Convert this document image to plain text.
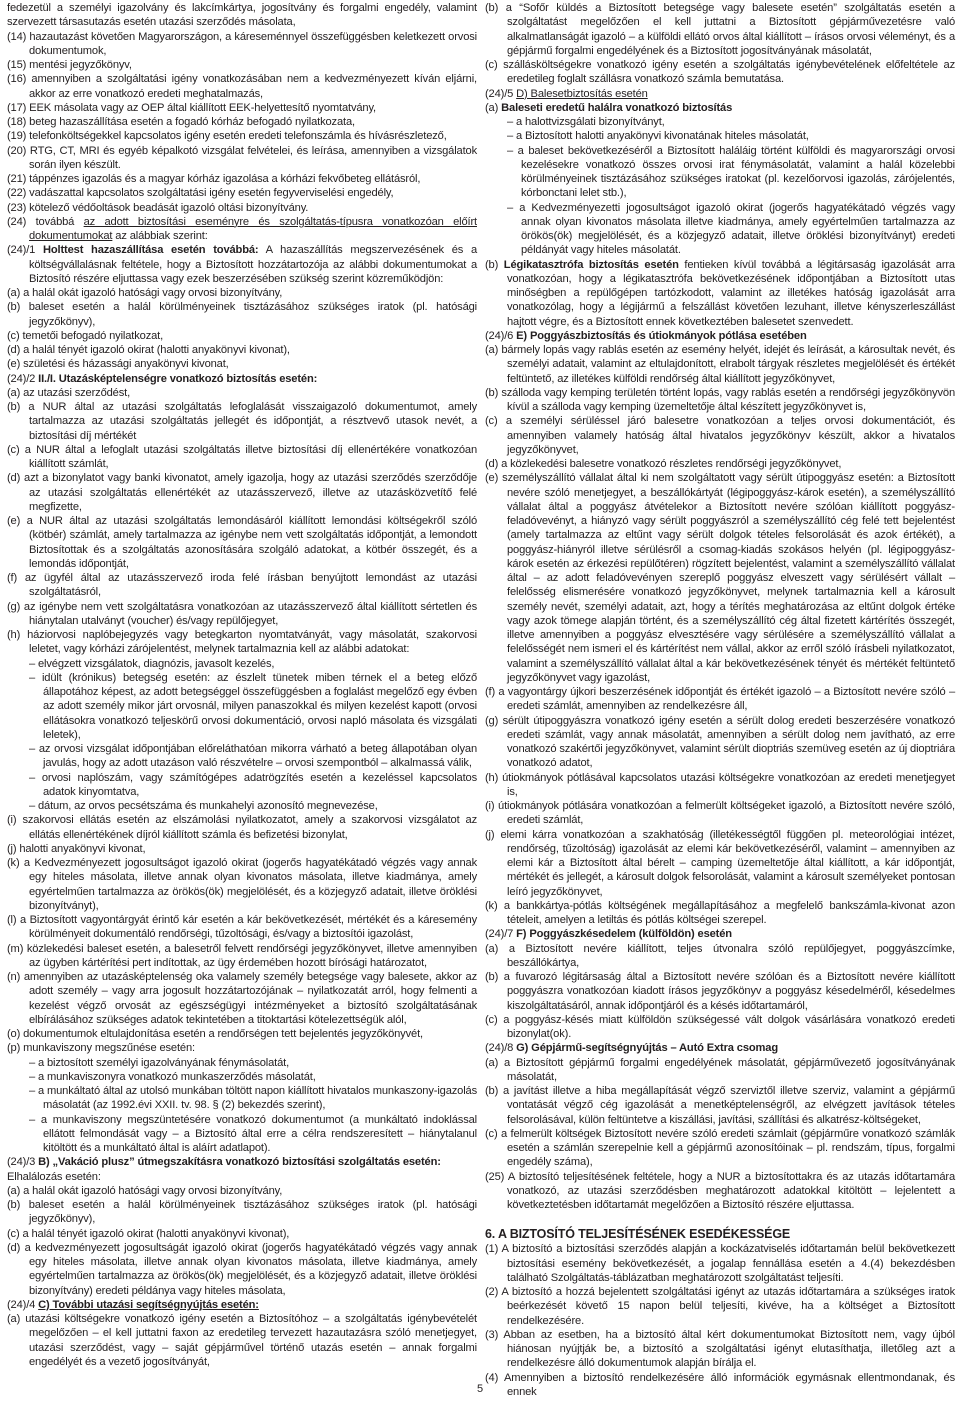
fedezetül a személyi igazolvány és lakcímkártya, jogosítvány és forgalmi engedély, valamint szervezett társasutazás esetén utazási szerződés másolata,

(14) hazautazást követően Magyarországon, a káreseménnyel összefüggésben keletkezett orvosi dokumentumok,

(15) mentési jegyzőkönyv,

(16) amennyiben a szolgáltatási igény vonatkozásában nem a kedvezményezett kíván eljárni, akkor az erre vonatkozó eredeti meghatalmazás,

(17) EEK másolata vagy az OEP által kiállított EEK-helyettesítő nyomtatvány,

(18) beteg hazaszállítása esetén a fogadó kórház befogadó nyilatkozata,

(19) telefonköltségekkel kapcsolatos igény esetén eredeti telefonszámla és hívásrészletező,

(20) RTG, CT, MRI és egyéb képalkotó vizsgálat felvételei, és leírása, amennyiben a vizsgálatok során ilyen készült.

(21) táppénzes igazolás és a magyar kórház igazolása a kórházi fekvőbeteg ellátásról,

(22) vadászattal kapcsolatos szolgáltatási igény esetén fegyverviselési engedély,

(23) kötelező védőoltások beadását igazoló oltási bizonyítvány.

(24) továbbá az adott biztosítási eseményre és szolgáltatás-típusra vonatkozóan előírt dokumentumokat az alábbiak szerint:

(24)/1 Holttest hazaszállítása esetén továbbá: A hazaszállítás megszervezésének és a költségvállalásnak feltétele, hogy a Biztosított hozzátartozója az alábbi dokumentumokat a Biztosító részére eljuttassa vagy ezek beszerzésében szükség szerint közreműködjön:

(a) a halál okát igazoló hatósági vagy orvosi bizonyítvány,

(b) baleset esetén a halál körülményeinek tisztázásához szükséges iratok (pl. hatósági jegyzőkönyv),

(c) temetői befogadó nyilatkozat,

(d) a halál tényét igazoló okirat (halotti anyakönyvi kivonat),

(e) születési és házassági anyakönyvi kivonat,

(24)/2 II./I. Utazásképtelenségre vonatkozó biztosítás esetén:

(a) az utazási szerződést,

(b) a NUR által az utazási szolgáltatás lefoglalását visszaigazoló dokumentumot, amely tartalmazza az utazási szolgáltatás jellegét és időpontját, a résztvevő utasok nevét, a biztosítási díj mértékét

(c) a NUR által a lefoglalt utazási szolgáltatás illetve biztosítási díj ellenértékére vonatkozóan kiállított számlát,

(d) azt a bizonylatot vagy banki kivonatot, amely igazolja, hogy az utazási szerződés szerződője az utazási szolgáltatás ellenértékét az utazásszervező, illetve az utazásközvetítő felé megfizette,

(e) a NUR által az utazási szolgáltatás lemondásáról kiállított lemondási költségekről szóló (kötbér) számlát, amely tartalmazza az igénybe nem vett szolgáltatás időpontját, a lemondott Biztosítottak és a szolgáltatás azonosítására szolgáló adatokat, a kötbér összegét, és a lemondás időpontját,

(f) az ügyfél által az utazásszervező iroda felé írásban benyújtott lemondást az utazási szolgáltatásról,

(g) az igénybe nem vett szolgáltatásra vonatkozóan az utazásszervező által kiállított sértetlen és hiánytalan utalványt (voucher) és/vagy repülőjegyet,

(h) háziorvosi naplóbejegyzés vagy betegkarton nyomtatványát, vagy másolatát, szakorvosi leletet, vagy kórházi zárójelentést, melynek tartalmaznia kell az alábbi adatokat:

– elvégzett vizsgálatok, diagnózis, javasolt kezelés,

– idült (krónikus) betegség esetén: az észlelt tünetek miben térnek el a beteg előző állapotához képest, az adott betegséggel összefüggésben a foglalást megelőző egy évben az adott személy mikor járt orvosnál, milyen panaszokkal és milyen kezelést kapott (orvosi ellátásokra vonatkozó teljeskörű orvosi dokumentáció, orvosi napló másolata és vizsgálati leletek),

– az orvosi vizsgálat időpontjában előreláthatóan mikorra várható a beteg állapotában olyan javulás, hogy az adott utazáson való részvételre – orvosi szempontból – alkalmassá válik,

– orvosi naplószám, vagy számítógépes adatrögzítés esetén a kezeléssel kapcsolatos adatok kinyomtatva,

– dátum, az orvos pecsétszáma és munkahelyi azonosító megnevezése,

(i) szakorvosi ellátás esetén az elszámolási nyilatkozatot, amely a szakorvosi vizsgálatot az ellátás ellenértékének díjról kiállított számla és befizetési bizonylat,

(j) halotti anyakönyvi kivonat,

(k) a Kedvezményezett jogosultságot igazoló okirat (jogerős hagyatékátadó végzés vagy annak egy hiteles másolata, illetve annak olyan kivonatos másolata, illetve kiadmánya, amely egyértelműen tartalmazza az örökös(ök) megjelölését, és a közjegyző adatait, illetve öröklési bizonyítványt),

(l) a Biztosított vagyontárgyát érintő kár esetén a kár bekövetkezését, mértékét és a káresemény körülményeit dokumentáló rendőrségi, tűzoltósági, és/vagy a biztosítói igazolást,

(m) közlekedési baleset esetén, a balesetről felvett rendőrségi jegyzőkönyvet, illetve amennyiben az ügyben kártérítési pert indítottak, az ügy érdemében hozott bírósági határozatot,

(n) amennyiben az utazásképtelenség oka valamely személy betegsége vagy balesete, akkor az adott személy – vagy arra jogosult hozzátartozójának – nyilatkozatát arról, hogy felmenti a kezelést végző orvosát az egészségügyi intézményeket a biztosító szolgáltatásának elbírálásához szükséges adatok tekintetében a titoktartási kötelezettségük alól,

(o) dokumentumok eltulajdonítása esetén a rendőrségen tett bejelentés jegyzőkönyvét,

(p) munkaviszony megszűnése esetén:

– a biztosított személyi igazolványának fénymásolatát,

– a munkaviszonyra vonatkozó munkaszerződés másolatát,

– a munkáltató által az utolsó munkában töltött napon kiállított hivatalos munkaszony-igazolás másolatát (az 1992.évi XXII. tv. 98. § (2) bekezdés szerint),

– a munkaviszony megszüntetésére vonatkozó dokumentumot (a munkáltató indoklással ellátott felmondását vagy – a Biztosító által erre a célra rendszeresített – hiánytalanul kitöltött és a munkáltató által is aláírt adatlapot).

(24)/3 B) „Vakáció plusz” útmegszakításra vonatkozó biztosítási szolgáltatás esetén:

Elhalálozás esetén:

(a) a halál okát igazoló hatósági vagy orvosi bizonyítvány,

(b) baleset esetén a halál körülményeinek tisztázásához szükséges iratok (pl. hatósági jegyzőkönyv),

(c) a halál tényét igazoló okirat (halotti anyakönyvi kivonat),

(d) a kedvezményezett jogosultságát igazoló okirat (jogerős hagyatékátadó végzés vagy annak egy hiteles másolata, illetve annak olyan kivonatos másolata, illetve kiadmánya, amely egyértelműen tartalmazza az örökös(ök) megjelölését, és a közjegyző adatait, illetve öröklési bizonyítvány) eredeti példánya vagy hiteles másolata,

(24)/4 C) További utazási segítségnyújtás esetén:

(a) utazási költségekre vonatkozó igény esetén a Biztosítóhoz – a szolgáltatás igénybevételét megelőzően – el kell juttatni faxon az eredetileg tervezett hazautazásra szóló menetjegyet, utazási szerződést, vagy – saját gépjárművel történő utazás esetén – annak forgalmi engedélyét és a vezető jogosítványát,

(b) a “Sofőr küldés a Biztosított betegsége vagy balesete esetén” szolgáltatás esetén a szolgáltatást megelőzően el kell juttatni a Biztosított gépjárművezetésre való alkalmatlanságát igazoló – a külföldi ellátó orvos által kiállított – írásos orvosi véleményt, és a gépjármű forgalmi engedélyének és a Biztosított jogosítványának másolatát,

(c) szállásköltségekre vonatkozó igény esetén a szolgáltatás igénybevételének előfeltétele az eredetileg foglalt szállásra vonatkozó számla bemutatása.

(24)/5 D) Balesetbiztosítás esetén

(a) Baleseti eredetű halálra vonatkozó biztosítás

– a halottvizsgálati bizonyítványt,

– a Biztosított halotti anyakönyvi kivonatának hiteles másolatát,

– a baleset bekövetkezéséről a Biztosított haláláig történt külföldi és magyarországi orvosi kezelésekre vonatkozó összes orvosi irat fénymásolatát, valamint a halál közelebbi körülményeinek tisztázásához szükséges iratokat (pl. kezelőorvosi igazolás, zárójelentés, kórbonctani lelet stb.),

– a Kedvezményezetti jogosultságot igazoló okirat (jogerős hagyatékátadó végzés vagy annak olyan kivonatos másolata illetve kiadmánya, amely egyértelműen tartalmazza az örökös(ök) megjelölését, és a közjegyző adatait, illetve öröklési bizonyítványt) eredeti példányát vagy hiteles másolatát.

(b) Légikatasztrófa biztosítás esetén fentieken kívül továbbá a légitársaság igazolását arra vonatkozóan, hogy a légikatasztrófa bekövetkezésének időpontjában a Biztosított utas minőségben a repülőgépen tartózkodott, valamint az illetékes hatóság igazolását arra vonatkozólag, hogy a légijármű a felszállást követően lezuhant, illetve kényszerleszállást hajtott végre, és a Biztosított ennek következtében balesetet szenvedett.

(24)/6 E) Poggyászbiztosítás és útiokmányok pótlása esetében

(a) bármely lopás vagy rablás esetén az esemény helyét, idejét és leírását, a károsultak nevét, és személyi adatait, valamint az eltulajdonított, elrabolt tárgyak részletes megjelölését és értékét feltüntető, az illetékes külföldi rendőrség által kiállított jegyzőkönyvet,

(b) szálloda vagy kemping területén történt lopás, vagy rablás esetén a rendőrségi jegyzőkönyvön kívül a szálloda vagy kemping üzemeltetője által készített jegyzőkönyvet is,

(c) a személyi sérüléssel járó balesetre vonatkozóan a teljes orvosi dokumentációt, és amennyiben valamely hatóság által hivatalos jegyzőkönyv készült, akkor a hivatalos jegyzőkönyvet,

(d) a közlekedési balesetre vonatkozó részletes rendőrségi jegyzőkönyvet,

(e) személyszállító vállalat által ki nem szolgáltatott vagy sérült útipoggyász esetén: a Biztosított nevére szóló menetjegyet, a beszállókártyát (légipoggyász-károk esetén), a személyszállító vállalat által a poggyász átvételekor a Biztosított nevére szólóan kiállított poggyász-feladóvevényt, a hiányzó vagy sérült poggyászról a személyszállító cég felé tett bejelentést (amely tartalmazza az eltűnt vagy sérült dolgok tételes felsorolását és azok értékét), a poggyász-hiányról illetve sérülésről a csomag-kiadás szokásos helyén (pl. légipoggyász-károk esetén az érkezési repülőtéren) rögzített bejelentést, valamint a személyszállító vállalat által – az adott feladóvevényen szereplő poggyász elveszett vagy sérülésért vállalt – felelősség elismerésére vonatkozó jegyzőkönyvet, melynek tartalmaznia kell a károsult személy nevét, személyi adatait, azt, hogy a térítés meghatározása az eltűnt dolgok értéke vagy azok tömege alapján történt, és a személyszállító cég által fizetett kártérítés összegét, illetve amennyiben a poggyász elvesztésére vagy sérülésére a személyszállító vállalat a felelősségét nem ismeri el és kártérítést nem vállal, akkor az erről szóló írásbeli nyilatkozatot, valamint a személyszállító vállalat által a kár bekövetkezésének tényét és mértékét feltüntető jegyzőkönyvet vagy igazolást,

(f) a vagyontárgy újkori beszerzésének időpontját és értékét igazoló – a Biztosított nevére szóló – eredeti számlát, amennyiben az rendelkezésre áll,

(g) sérült útipoggyászra vonatkozó igény esetén a sérült dolog eredeti beszerzésére vonatkozó eredeti számlát, vagy annak másolatát, amennyiben a sérült dolog nem javítható, az erre vonatkozó szakértői jegyzőkönyvet, valamint sérült dioptriás szemüveg esetén az új dioptriára vonatkozó adatot,

(h) útiokmányok pótlásával kapcsolatos utazási költségekre vonatkozóan az eredeti menetjegyet is,

(i) útiokmányok pótlására vonatkozóan a felmerült költségeket igazoló, a Biztosított nevére szóló, eredeti számlát,

(j) elemi kárra vonatkozóan a szakhatóság (illetékességtől függően pl. meteorológiai intézet, rendőrség, tűzoltóság) igazolását az elemi kár bekövetkezéséről, valamint – amennyiben az elemi kár a Biztosított által bérelt – camping üzemeltetője által kiállított, a kár időpontját, mértékét és jellegét, a károsult dolgok felsorolását, valamint a károsult személyeket pontosan leíró jegyzőkönyvet,

(k) a bankkártya-pótlás költségének megállapításához a megfelelő bankszámla-kivonat azon tételeit, amelyen a letiltás és pótlás költségei szerepel.

(24)/7 F) Poggyászkésedelem (külföldön) esetén

(a) a Biztosított nevére kiállított, teljes útvonalra szóló repülőjegyet, poggyászcímke, beszállókártya,

(b) a fuvarozó légitársaság által a Biztosított nevére szólóan és a Biztosított nevére kiállított poggyászra vonatkozóan kiadott írásos jegyzőkönyv a poggyász késedelméről, késedelmes kiszolgáltatásáról, annak időpontjáról és a késés időtartamáról,

(c) a poggyász-késés miatt külföldön szükségessé vált dolgok vásárlására vonatkozó eredeti bizonylat(ok).

(24)/8 G) Gépjármű-segítségnyújtás – Autó Extra csomag

(a) a Biztosított gépjármű forgalmi engedélyének másolatát, gépjárművezető jogosítványának másolatát,

(b) a javítást illetve a hiba megállapítását végző szerviztől illetve szerviz, valamint a gépjármű vontatását végző cég igazolását a menetképtelenségről, az elvégzett javítások tételes felsorolásával, külön feltüntetve a kiszállási, javítási, szállítási és alkatrész-költségeket,

(c) a felmerült költségek Biztosított nevére szóló eredeti számlait (gépjárműre vonatkozó számlák esetén a számlán szerepelnie kell a gépjármű azonosítóinak – pl. rendszám, típus, forgalmi engedély száma),

(25) A biztosító teljesítésének feltétele, hogy a NUR a biztosítottakra és az utazás időtartamára vonatkozó, az utazási szerződésben meghatározott adatokkal kitöltött – lejelentett a következtetésben időtartamát megelőzően a Biztosító részére eljuttassa.

6. A BIZTOSÍTÓ TELJESÍTÉSÉNEK ESEDÉKESSÉGE

(1) A biztosító a biztosítási szerződés alapján a kockázatviselés időtartamán belül bekövetkezett biztosítási esemény bekövetkezését, a jogalap fennállása esetén a 4.(4) bekezdésben található Szolgáltatás-táblázatban meghatározott szolgáltatást teljesíti.

(2) A biztosító a hozzá bejelentett szolgáltatási igényt az utazás időtartamára a szükséges iratok beérkezését követő 15 napon belül teljesíti, kivéve, ha a költséget a Biztosított rendelkezésére.

(3) Abban az esetben, ha a biztosító által kért dokumentumokat Biztosított nem, vagy újból hiánosan nyújtják be, a biztosító a szolgáltatási igényt elutasíthatja, illetőleg azt a rendelkezésre álló dokumentumok alapján bírálja el.

(4) Amennyiben a biztosító rendelkezésére álló információk egymásnak ellentmondanak, és ennek

5
